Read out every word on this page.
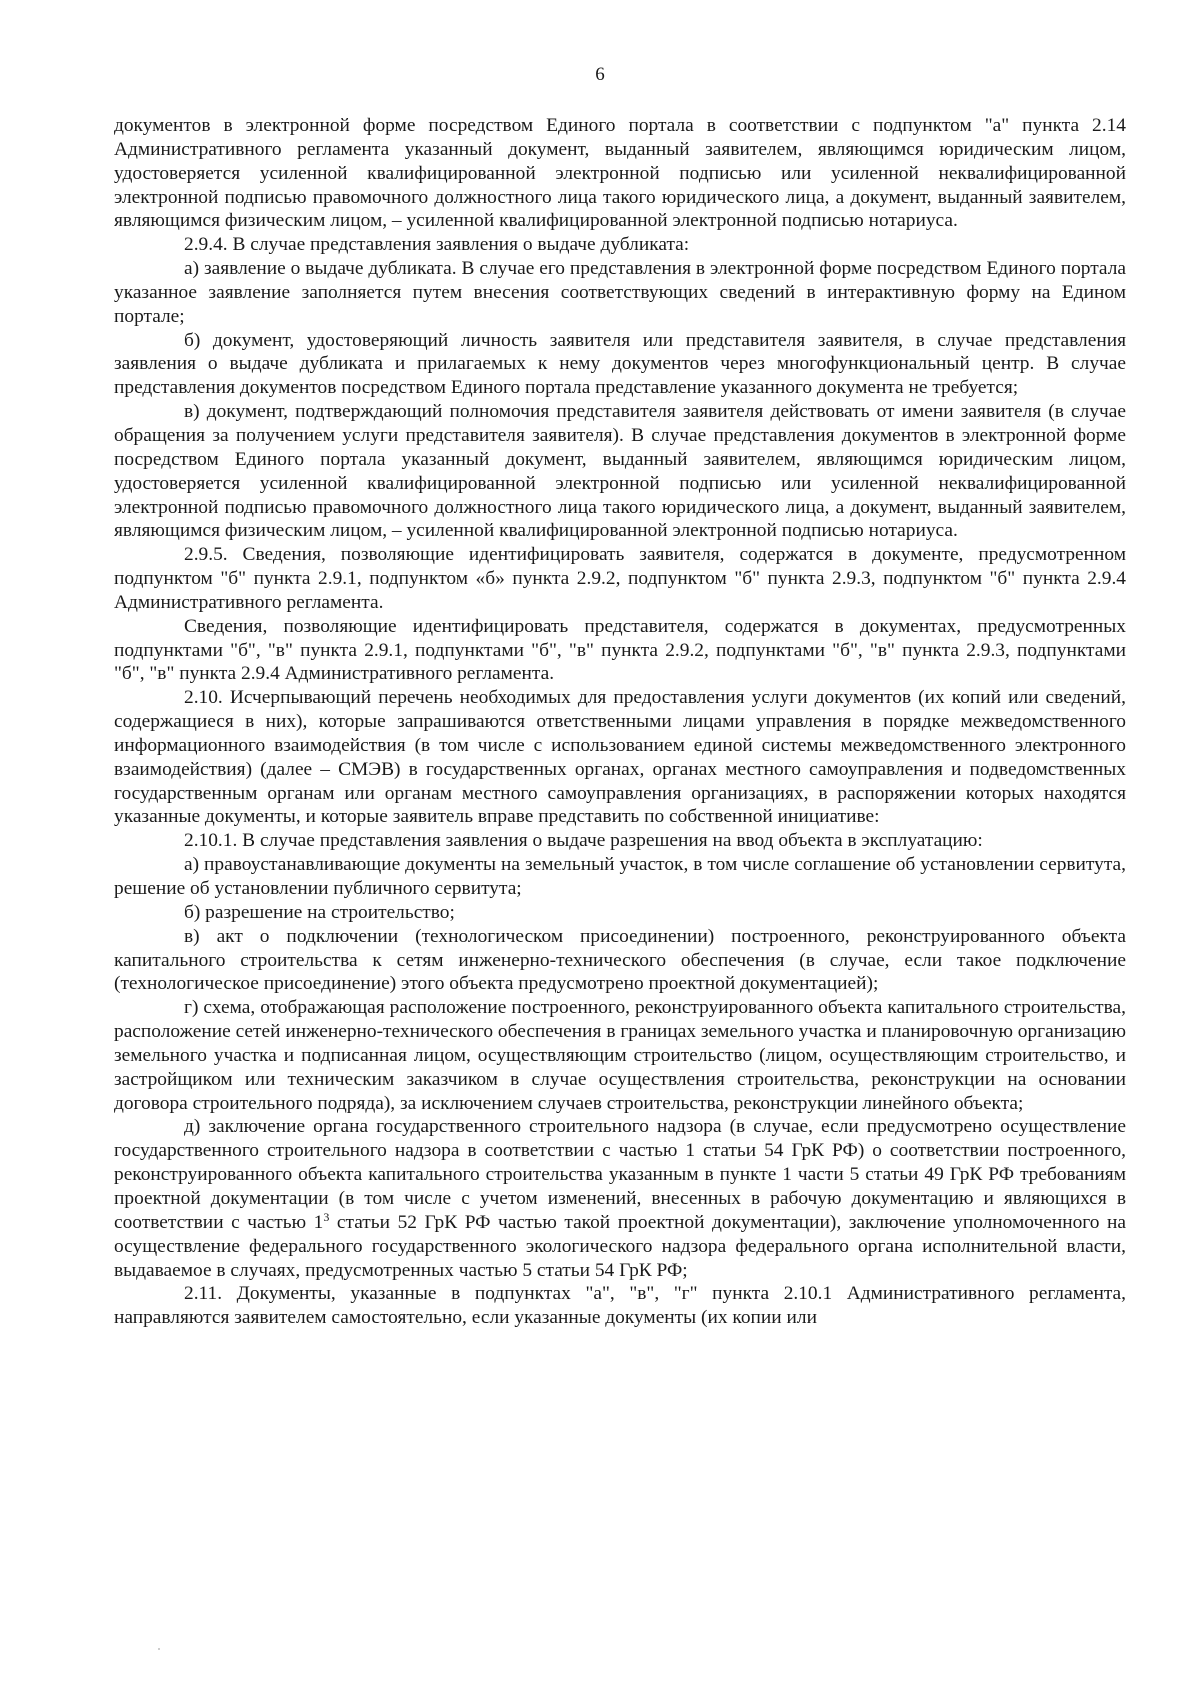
6

документов в электронной форме посредством Единого портала в соответствии с подпунктом "а" пункта 2.14 Административного регламента указанный документ, выданный заявителем, являющимся юридическим лицом, удостоверяется усиленной квалифицированной электронной подписью или усиленной неквалифицированной электронной подписью правомочного должностного лица такого юридического лица, а документ, выданный заявителем, являющимся физическим лицом, – усиленной квалифицированной электронной подписью нотариуса.

2.9.4. В случае представления заявления о выдаче дубликата:

а) заявление о выдаче дубликата. В случае его представления в электронной форме посредством Единого портала указанное заявление заполняется путем внесения соответствующих сведений в интерактивную форму на Едином портале;

б) документ, удостоверяющий личность заявителя или представителя заявителя, в случае представления заявления о выдаче дубликата и прилагаемых к нему документов через многофункциональный центр. В случае представления документов посредством Единого портала представление указанного документа не требуется;

в) документ, подтверждающий полномочия представителя заявителя действовать от имени заявителя (в случае обращения за получением услуги представителя заявителя). В случае представления документов в электронной форме посредством Единого портала указанный документ, выданный заявителем, являющимся юридическим лицом, удостоверяется усиленной квалифицированной электронной подписью или усиленной неквалифицированной электронной подписью правомочного должностного лица такого юридического лица, а документ, выданный заявителем, являющимся физическим лицом, – усиленной квалифицированной электронной подписью нотариуса.

2.9.5. Сведения, позволяющие идентифицировать заявителя, содержатся в документе, предусмотренном подпунктом "б" пункта 2.9.1, подпунктом «б» пункта 2.9.2, подпунктом "б" пункта 2.9.3, подпунктом "б" пункта 2.9.4 Административного регламента.

Сведения, позволяющие идентифицировать представителя, содержатся в документах, предусмотренных подпунктами "б", "в" пункта 2.9.1, подпунктами "б", "в" пункта 2.9.2, подпунктами "б", "в" пункта 2.9.3, подпунктами "б", "в" пункта 2.9.4 Административного регламента.

2.10. Исчерпывающий перечень необходимых для предоставления услуги документов (их копий или сведений, содержащиеся в них), которые запрашиваются ответственными лицами управления в порядке межведомственного информационного взаимодействия (в том числе с использованием единой системы межведомственного электронного взаимодействия) (далее – СМЭВ) в государственных органах, органах местного самоуправления и подведомственных государственным органам или органам местного самоуправления организациях, в распоряжении которых находятся указанные документы, и которые заявитель вправе представить по собственной инициативе:

2.10.1. В случае представления заявления о выдаче разрешения на ввод объекта в эксплуатацию:

а) правоустанавливающие документы на земельный участок, в том числе соглашение об установлении сервитута, решение об установлении публичного сервитута;

б) разрешение на строительство;

в) акт о подключении (технологическом присоединении) построенного, реконструированного объекта капитального строительства к сетям инженерно-технического обеспечения (в случае, если такое подключение (технологическое присоединение) этого объекта предусмотрено проектной документацией);

г) схема, отображающая расположение построенного, реконструированного объекта капитального строительства, расположение сетей инженерно-технического обеспечения в границах земельного участка и планировочную организацию земельного участка и подписанная лицом, осуществляющим строительство (лицом, осуществляющим строительство, и застройщиком или техническим заказчиком в случае осуществления строительства, реконструкции на основании договора строительного подряда), за исключением случаев строительства, реконструкции линейного объекта;

д) заключение органа государственного строительного надзора (в случае, если предусмотрено осуществление государственного строительного надзора в соответствии с частью 1 статьи 54 ГрК РФ) о соответствии построенного, реконструированного объекта капитального строительства указанным в пункте 1 части 5 статьи 49 ГрК РФ требованиям проектной документации (в том числе с учетом изменений, внесенных в рабочую документацию и являющихся в соответствии с частью $1^3$ статьи 52 ГрК РФ частью такой проектной документации), заключение уполномоченного на осуществление федерального государственного экологического надзора федерального органа исполнительной власти, выдаваемое в случаях, предусмотренных частью 5 статьи 54 ГрК РФ;

2.11. Документы, указанные в подпунктах "а", "в", "г" пункта 2.10.1 Административного регламента, направляются заявителем самостоятельно, если указанные документы (их копии или
